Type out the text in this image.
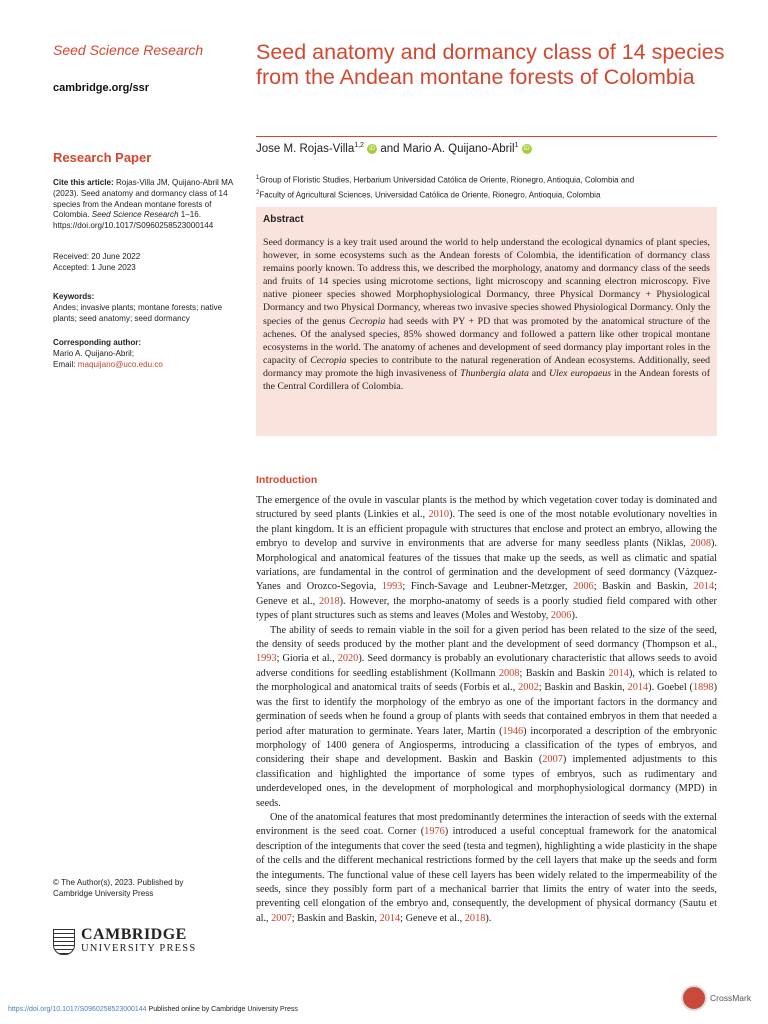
Seed Science Research
cambridge.org/ssr
Research Paper
Cite this article: Rojas-Villa JM, Quijano-Abril MA (2023). Seed anatomy and dormancy class of 14 species from the Andean montane forests of Colombia. Seed Science Research 1–16. https://doi.org/10.1017/S0960258523000144
Received: 20 June 2022
Accepted: 1 June 2023
Keywords:
Andes; invasive plants; montane forests; native plants; seed anatomy; seed dormancy
Corresponding author:
Mario A. Quijano-Abril;
Email: maquijano@uco.edu.co
© The Author(s), 2023. Published by
Cambridge University Press
CAMBRIDGE
UNIVERSITY PRESS
Seed anatomy and dormancy class of 14 species from the Andean montane forests of Colombia
Jose M. Rojas-Villa$^{1,2}$ iD and Mario A. Quijano-Abril$^1$ iD
$^1$Group of Floristic Studies, Herbarium Universidad Católica de Oriente, Rionegro, Antioquia, Colombia and
$^2$Faculty of Agricultural Sciences, Universidad Católica de Oriente, Rionegro, Antioquia, Colombia
Abstract

Seed dormancy is a key trait used around the world to help understand the ecological dynamics of plant species, however, in some ecosystems such as the Andean forests of Colombia, the identification of dormancy class remains poorly known. To address this, we described the morphology, anatomy and dormancy class of the seeds and fruits of 14 species using microtome sections, light microscopy and scanning electron microscopy. Five native pioneer species showed Morphophysiological Dormancy, three Physical Dormancy + Physiological Dormancy and two Physical Dormancy, whereas two invasive species showed Physiological Dormancy. Only the species of the genus Cecropia had seeds with PY + PD that was promoted by the anatomical structure of the achenes. Of the analysed species, 85% showed dormancy and followed a pattern like other tropical montane ecosystems in the world. The anatomy of achenes and development of seed dormancy play important roles in the capacity of Cecropia species to contribute to the natural regeneration of Andean ecosystems. Additionally, seed dormancy may promote the high invasiveness of Thunbergia alata and Ulex europaeus in the Andean forests of the Central Cordillera of Colombia.

Introduction

The emergence of the ovule in vascular plants is the method by which vegetation cover today is dominated and structured by seed plants (Linkies et al., 2010). The seed is one of the most notable evolutionary novelties in the plant kingdom. It is an efficient propagule with structures that enclose and protect an embryo, allowing the embryo to develop and survive in environments that are adverse for many seedless plants (Niklas, 2008). Morphological and anatomical features of the tissues that make up the seeds, as well as climatic and spatial variations, are fundamental in the control of germination and the development of seed dormancy (Vázquez-Yanes and Orozco-Segovia, 1993; Finch-Savage and Leubner-Metzger, 2006; Baskin and Baskin, 2014; Geneve et al., 2018). However, the morpho-anatomy of seeds is a poorly studied field compared with other types of plant structures such as stems and leaves (Moles and Westoby, 2006).

The ability of seeds to remain viable in the soil for a given period has been related to the size of the seed, the density of seeds produced by the mother plant and the development of seed dormancy (Thompson et al., 1993; Gioria et al., 2020). Seed dormancy is probably an evolutionary characteristic that allows seeds to avoid adverse conditions for seedling establishment (Kollmann 2008; Baskin and Baskin 2014), which is related to the morphological and anatomical traits of seeds (Forbis et al., 2002; Baskin and Baskin, 2014). Goebel (1898) was the first to identify the morphology of the embryo as one of the important factors in the dormancy and germination of seeds when he found a group of plants with seeds that contained embryos in them that needed a period after maturation to germinate. Years later, Martin (1946) incorporated a description of the embryonic morphology of 1400 genera of Angiosperms, introducing a classification of the types of embryos, and considering their shape and development. Baskin and Baskin (2007) implemented adjustments to this classification and highlighted the importance of some types of embryos, such as rudimentary and underdeveloped ones, in the development of morphological and morphophysiological dormancy (MPD) in seeds.

One of the anatomical features that most predominantly determines the interaction of seeds with the external environment is the seed coat. Corner (1976) introduced a useful conceptual framework for the anatomical description of the integuments that cover the seed (testa and tegmen), highlighting a wide plasticity in the shape of the cells and the different mechanical restrictions formed by the cell layers that make up the seeds and form the integuments. The functional value of these cell layers has been widely related to the impermeability of the seeds, since they possibly form part of a mechanical barrier that limits the entry of water into the seeds, preventing cell elongation of the embryo and, consequently, the development of physical dormancy (Sautu et al., 2007; Baskin and Baskin, 2014; Geneve et al., 2018).

https://doi.org/10.1017/S0960258523000144 Published online by Cambridge University Press
CrossMark
